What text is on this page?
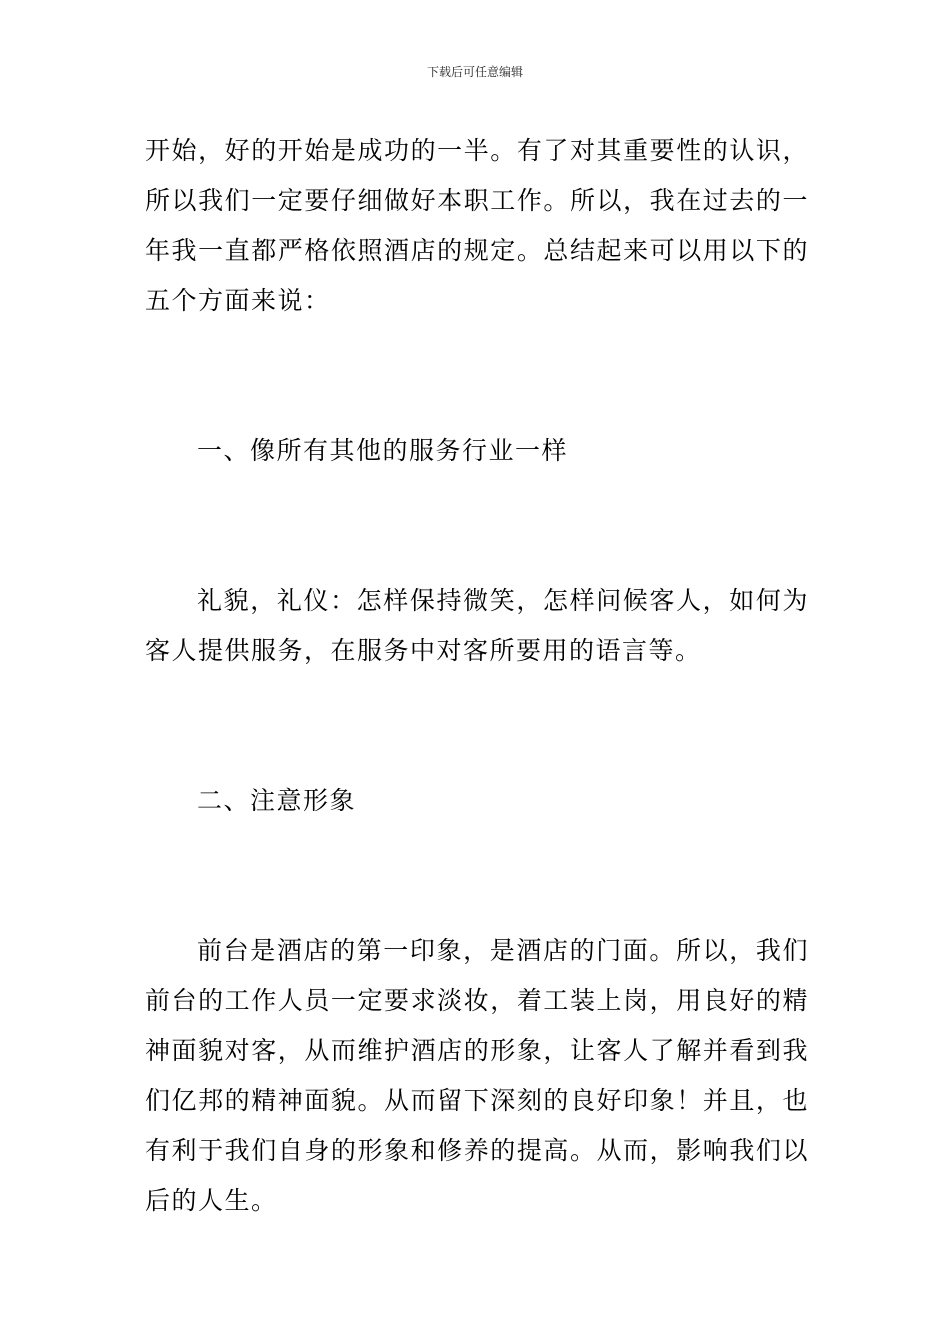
下载后可任意编辑

开始，好的开始是成功的一半。有了对其重要性的认识，所以我们一定要仔细做好本职工作。所以，我在过去的一年我一直都严格依照酒店的规定。总结起来可以用以下的五个方面来说：

一、像所有其他的服务行业一样

礼貌，礼仪：怎样保持微笑，怎样问候客人，如何为客人提供服务，在服务中对客所要用的语言等。

二、注意形象

前台是酒店的第一印象，是酒店的门面。所以，我们前台的工作人员一定要求淡妆，着工装上岗，用良好的精神面貌对客，从而维护酒店的形象，让客人了解并看到我们亿邦的精神面貌。从而留下深刻的良好印象！并且，也有利于我们自身的形象和修养的提高。从而，影响我们以后的人生。
